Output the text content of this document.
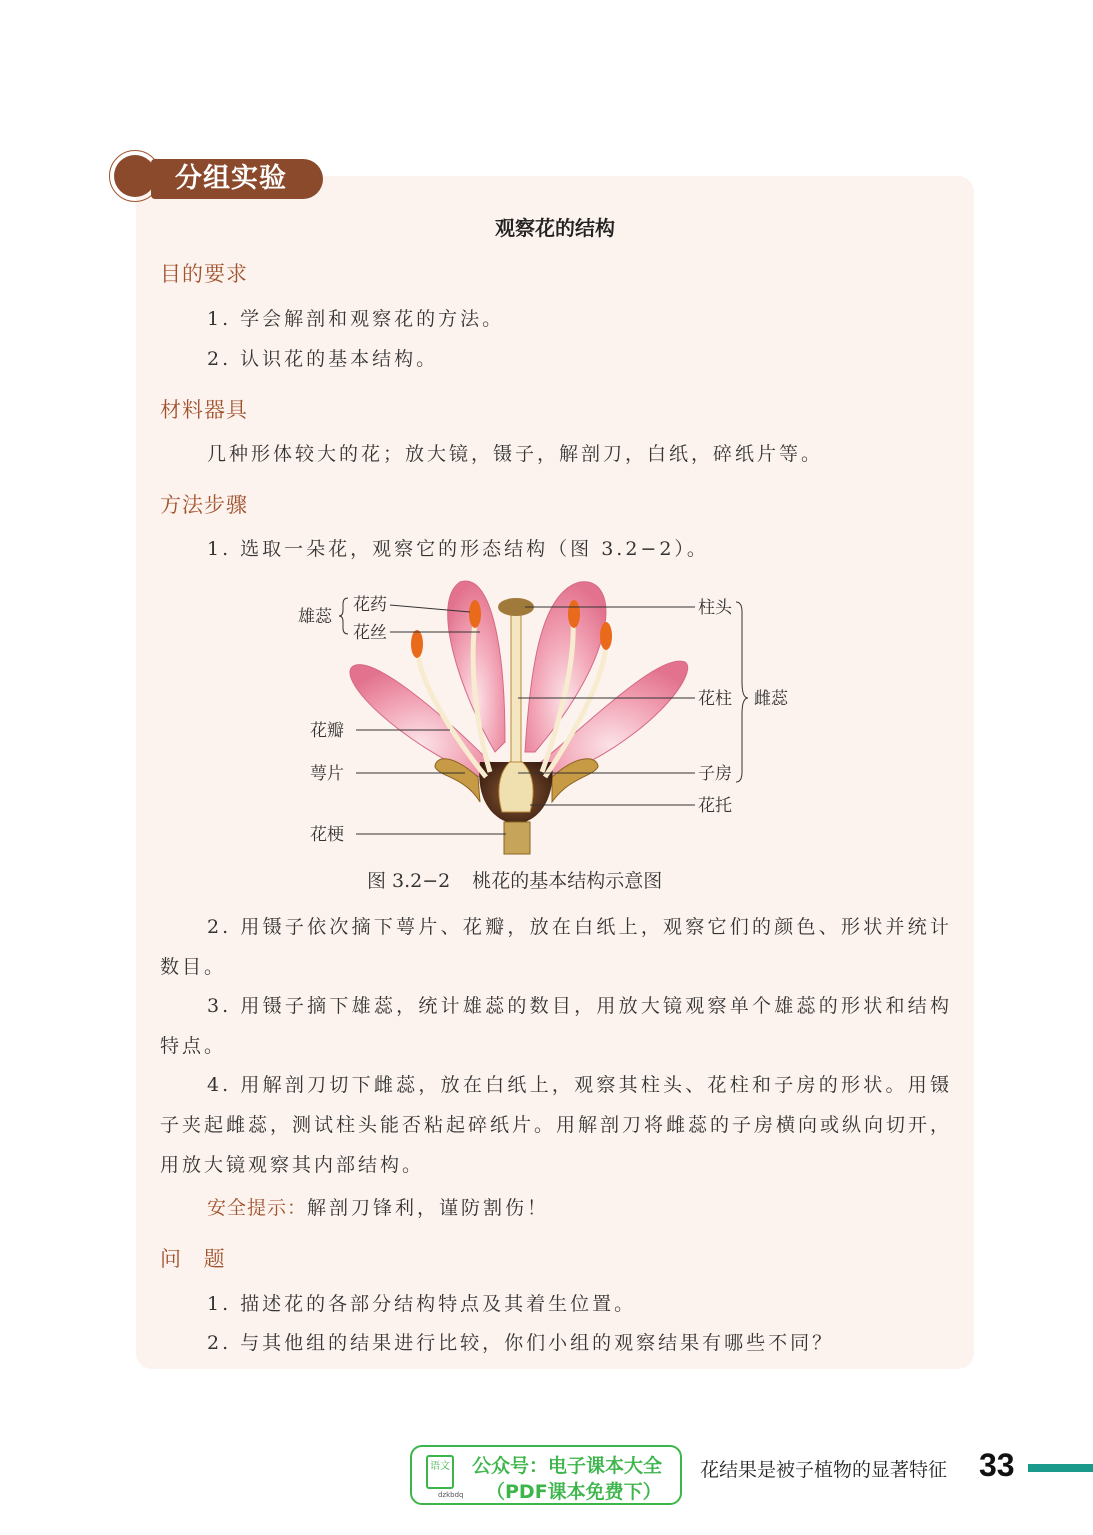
分组实验
观察花的结构
目的要求
1. 学会解剖和观察花的方法。
2. 认识花的基本结构。
材料器具
几种形体较大的花；放大镜，镊子，解剖刀，白纸，碎纸片等。
方法步骤
1. 选取一朵花，观察它的形态结构（图 3.2−2）。
雄蕊
花药
花丝
花瓣
萼片
花梗
柱头
花柱
子房
花托
雌蕊
图 3.2−2 桃花的基本结构示意图
2. 用镊子依次摘下萼片、花瓣，放在白纸上，观察它们的颜色、形状并统计数目。
3. 用镊子摘下雄蕊，统计雄蕊的数目，用放大镜观察单个雄蕊的形状和结构特点。
4. 用解剖刀切下雌蕊，放在白纸上，观察其柱头、花柱和子房的形状。用镊子夹起雌蕊，测试柱头能否粘起碎纸片。用解剖刀将雌蕊的子房横向或纵向切开，用放大镜观察其内部结构。
安全提示：解剖刀锋利，谨防割伤！
问 题
1. 描述花的各部分结构特点及其着生位置。
2. 与其他组的结果进行比较，你们小组的观察结果有哪些不同？
花结果是被子植物的显著特征 33
语文
dzkbdq
公众号：电子课本大全
（PDF课本免费下）
